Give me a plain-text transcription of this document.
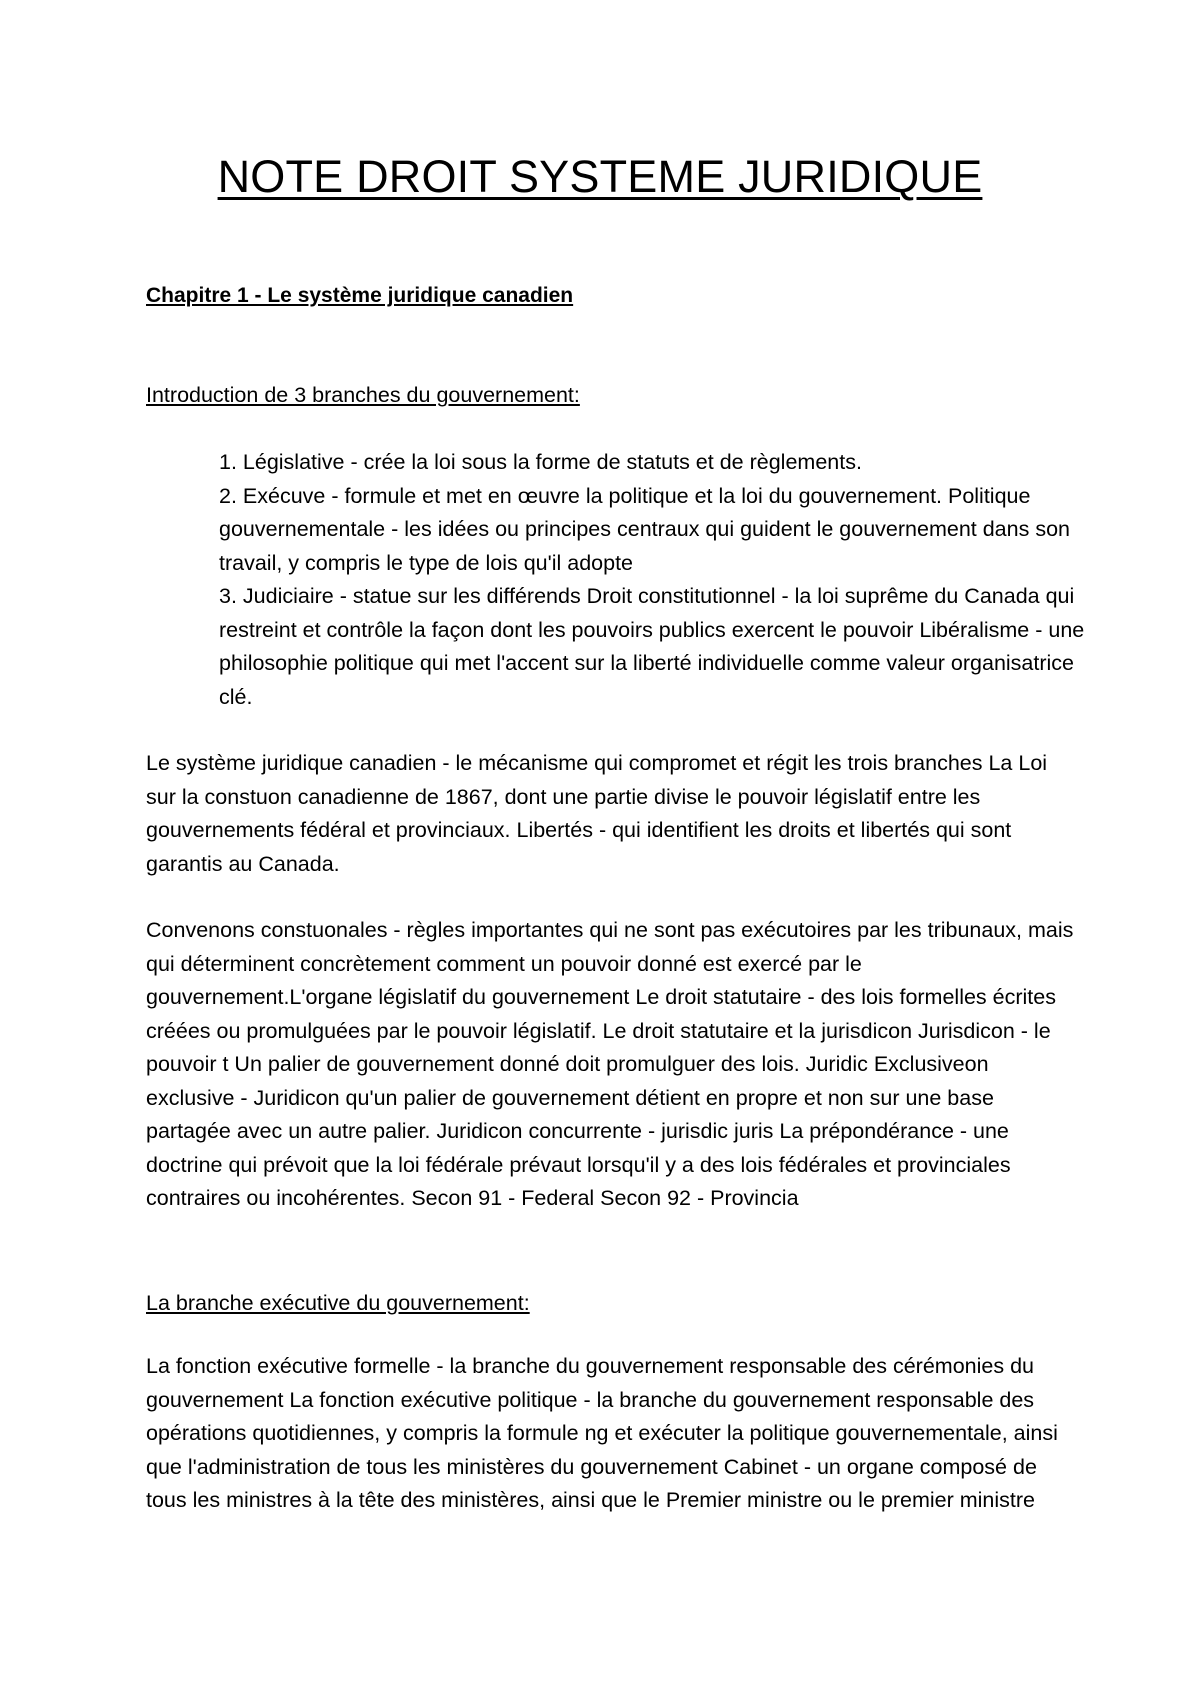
NOTE DROIT SYSTEME JURIDIQUE
Chapitre 1 - Le système juridique canadien
Introduction de 3 branches du gouvernement:
1. Législative - crée la loi sous la forme de statuts et de règlements.
2. Exécuve - formule et met en œuvre la politique et la loi du gouvernement. Politique gouvernementale - les idées ou principes centraux qui guident le gouvernement dans son travail, y compris le type de lois qu'il adopte
3. Judiciaire - statue sur les différends Droit constitutionnel - la loi suprême du Canada qui restreint et contrôle la façon dont les pouvoirs publics exercent le pouvoir Libéralisme - une philosophie politique qui met l'accent sur la liberté individuelle comme valeur organisatrice clé.

Le système juridique canadien - le mécanisme qui compromet et régit les trois branches La Loi sur la constuon canadienne de 1867, dont une partie divise le pouvoir législatif entre les gouvernements fédéral et provinciaux. Libertés - qui identifient les droits et libertés qui sont garantis au Canada.

Convenons constuonales - règles importantes qui ne sont pas exécutoires par les tribunaux, mais qui déterminent concrètement comment un pouvoir donné est exercé par le gouvernement.L'organe législatif du gouvernement Le droit statutaire - des lois formelles écrites créées ou promulguées par le pouvoir législatif. Le droit statutaire et la jurisdicon Jurisdicon - le pouvoir t Un palier de gouvernement donné doit promulguer des lois. Juridic Exclusiveon exclusive - Juridicon qu'un palier de gouvernement détient en propre et non sur une base partagée avec un autre palier. Juridicon concurrente - jurisdic juris La prépondérance - une doctrine qui prévoit que la loi fédérale prévaut lorsqu'il y a des lois fédérales et provinciales contraires ou incohérentes. Secon 91 - Federal Secon 92 - Provincia

La branche exécutive du gouvernement:

La fonction exécutive formelle - la branche du gouvernement responsable des cérémonies du gouvernement La fonction exécutive politique - la branche du gouvernement responsable des opérations quotidiennes, y compris la formule ng et exécuter la politique gouvernementale, ainsi que l'administration de tous les ministères du gouvernement Cabinet - un organe composé de tous les ministres à la tête des ministères, ainsi que le Premier ministre ou le premier ministre
